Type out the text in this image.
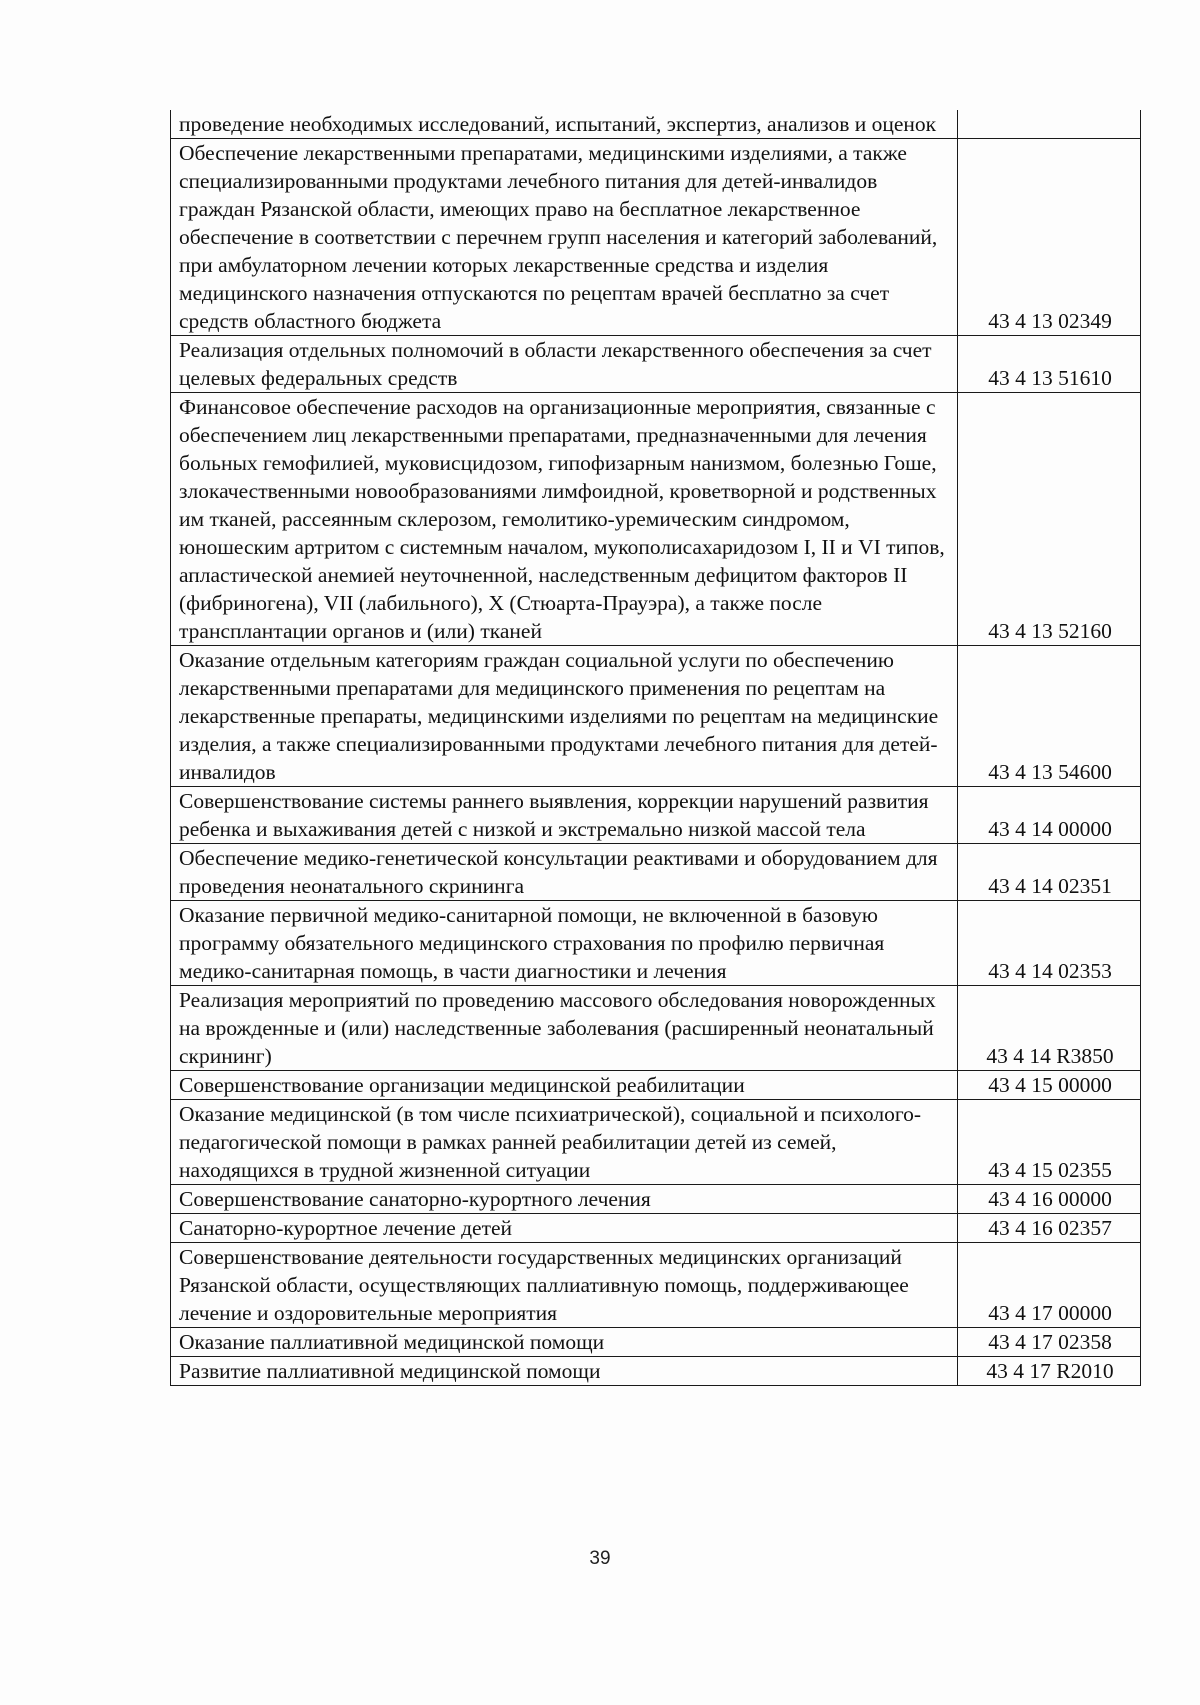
проведение необходимых исследований, испытаний, экспертиз, анализов и оценок	
Обеспечение лекарственными препаратами, медицинскими изделиями, а также специализированными продуктами лечебного питания для детей-инвалидов граждан Рязанской области, имеющих право на бесплатное лекарственное обеспечение в соответствии с перечнем групп населения и категорий заболеваний, при амбулаторном лечении которых лекарственные средства и изделия медицинского назначения отпускаются по рецептам врачей бесплатно за счет средств областного бюджета	43 4 13 02349
Реализация отдельных полномочий в области лекарственного обеспечения за счет целевых федеральных средств	43 4 13 51610
Финансовое обеспечение расходов на организационные мероприятия, связанные с обеспечением лиц лекарственными препаратами, предназначенными для лечения больных гемофилией, муковисцидозом, гипофизарным нанизмом, болезнью Гоше, злокачественными новообразованиями лимфоидной, кроветворной и родственных им тканей, рассеянным склерозом, гемолитико-уремическим синдромом, юношеским артритом с системным началом, мукополисахаридозом I, II и VI типов, апластической анемией неуточненной, наследственным дефицитом факторов II (фибриногена), VII (лабильного), X (Стюарта-Прауэра), а также после трансплантации органов и (или) тканей	43 4 13 52160
Оказание отдельным категориям граждан социальной услуги по обеспечению лекарственными препаратами для медицинского применения по рецептам на лекарственные препараты, медицинскими изделиями по рецептам на медицинские изделия, а также специализированными продуктами лечебного питания для детей-инвалидов	43 4 13 54600
Совершенствование системы раннего выявления, коррекции нарушений развития ребенка и выхаживания детей с низкой и экстремально низкой массой тела	43 4 14 00000
Обеспечение медико-генетической консультации реактивами и оборудованием для проведения неонатального скрининга	43 4 14 02351
Оказание первичной медико-санитарной помощи, не включенной в базовую программу обязательного медицинского страхования по профилю первичная медико-санитарная помощь, в части диагностики и лечения	43 4 14 02353
Реализация мероприятий по проведению массового обследования новорожденных на врожденные и (или) наследственные заболевания (расширенный неонатальный скрининг)	43 4 14 R3850
Совершенствование организации медицинской реабилитации	43 4 15 00000
Оказание медицинской (в том числе психиатрической), социальной и психолого-педагогической помощи в рамках ранней реабилитации детей из семей, находящихся в трудной жизненной ситуации	43 4 15 02355
Совершенствование санаторно-курортного лечения	43 4 16 00000
Санаторно-курортное лечение детей	43 4 16 02357
Совершенствование деятельности государственных медицинских организаций Рязанской области, осуществляющих паллиативную помощь, поддерживающее лечение и оздоровительные мероприятия	43 4 17 00000
Оказание паллиативной медицинской помощи	43 4 17 02358
Развитие паллиативной медицинской помощи	43 4 17 R2010
39
